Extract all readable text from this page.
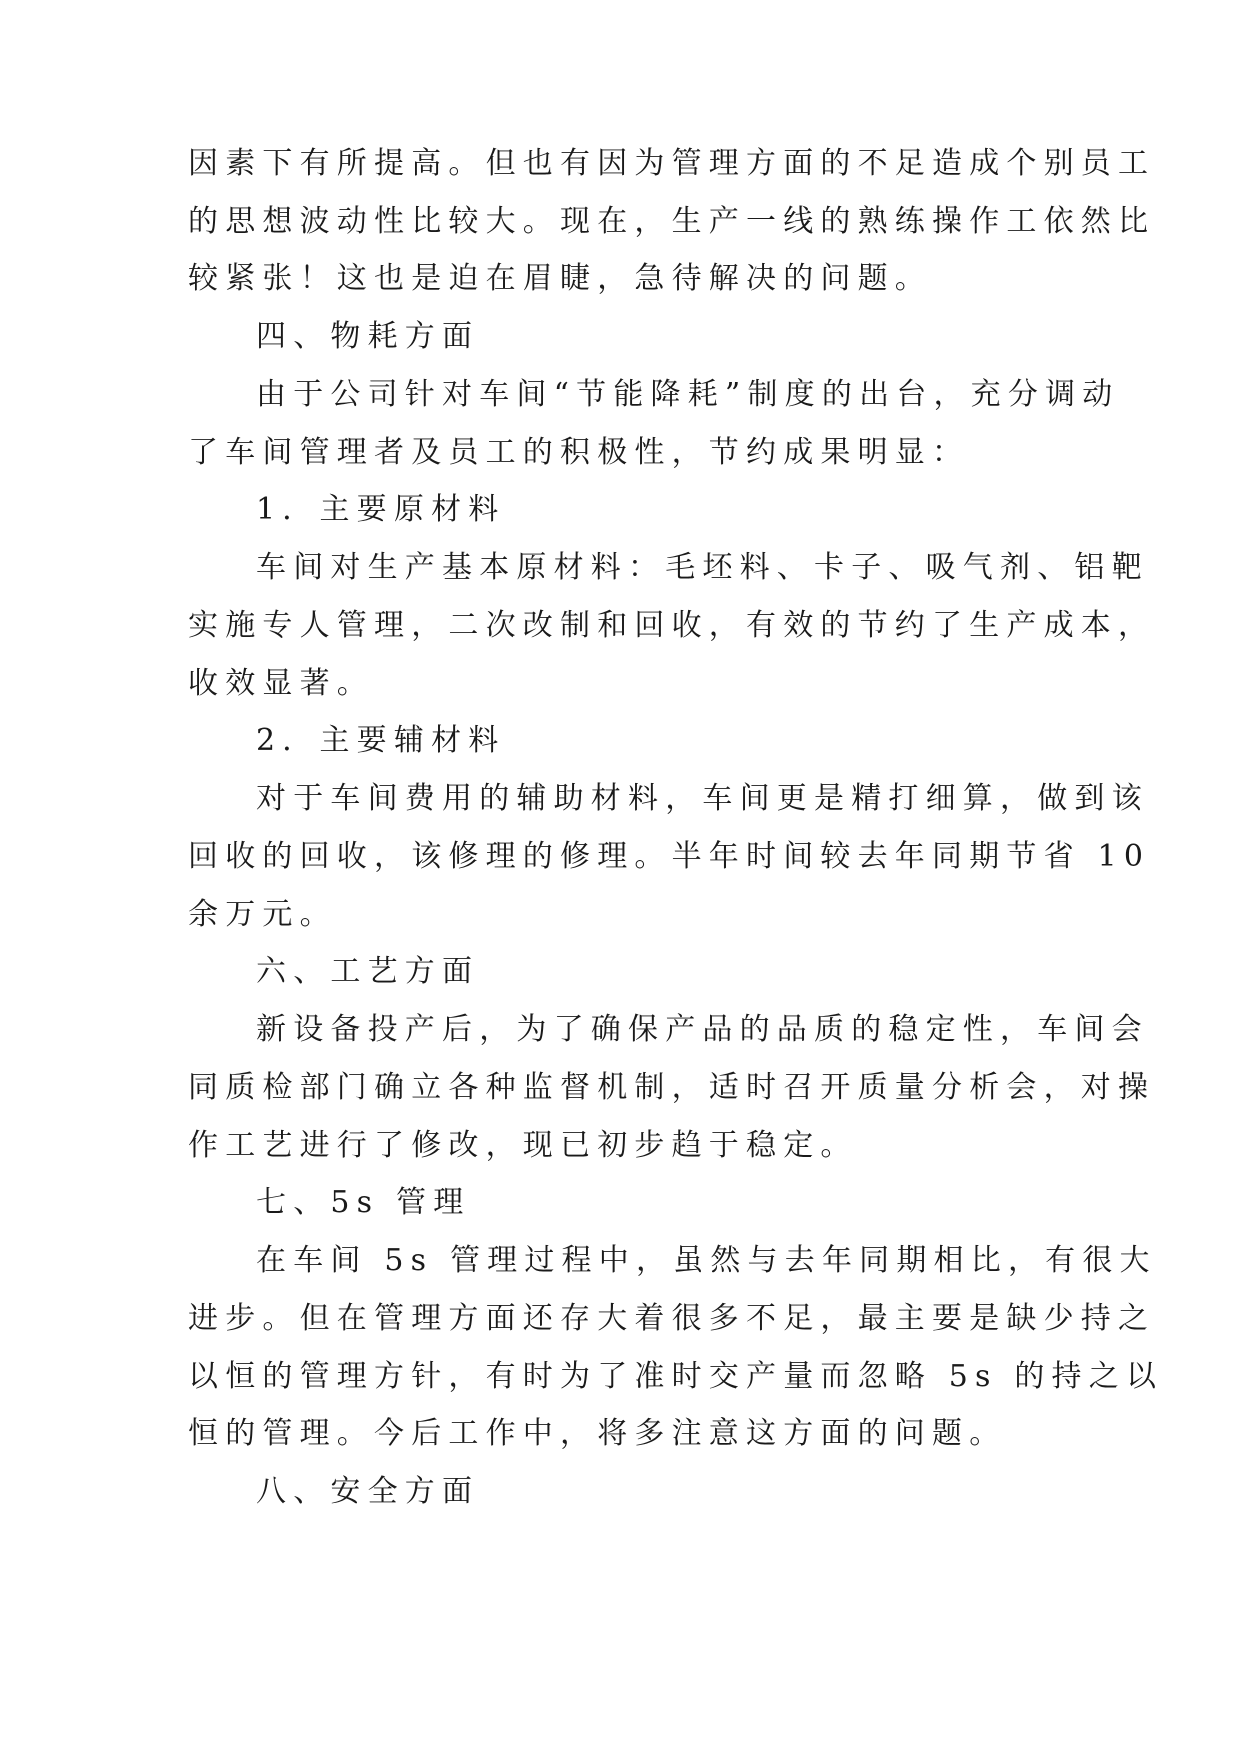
因素下有所提高。但也有因为管理方面的不足造成个别员工
的思想波动性比较大。现在，生产一线的熟练操作工依然比
较紧张！这也是迫在眉睫，急待解决的问题。
四、物耗方面
由于公司针对车间“节能降耗”制度的出台，充分调动
了车间管理者及员工的积极性，节约成果明显：
1．主要原材料
车间对生产基本原材料：毛坯料、卡子、吸气剂、铝靶
实施专人管理，二次改制和回收，有效的节约了生产成本，
收效显著。
2．主要辅材料
对于车间费用的辅助材料，车间更是精打细算，做到该
回收的回收，该修理的修理。半年时间较去年同期节省 10
余万元。
六、工艺方面
新设备投产后，为了确保产品的品质的稳定性，车间会
同质检部门确立各种监督机制，适时召开质量分析会，对操
作工艺进行了修改，现已初步趋于稳定。
七、5s 管理
在车间 5s 管理过程中，虽然与去年同期相比，有很大
进步。但在管理方面还存大着很多不足，最主要是缺少持之
以恒的管理方针，有时为了准时交产量而忽略 5s 的持之以
恒的管理。今后工作中，将多注意这方面的问题。
八、安全方面
